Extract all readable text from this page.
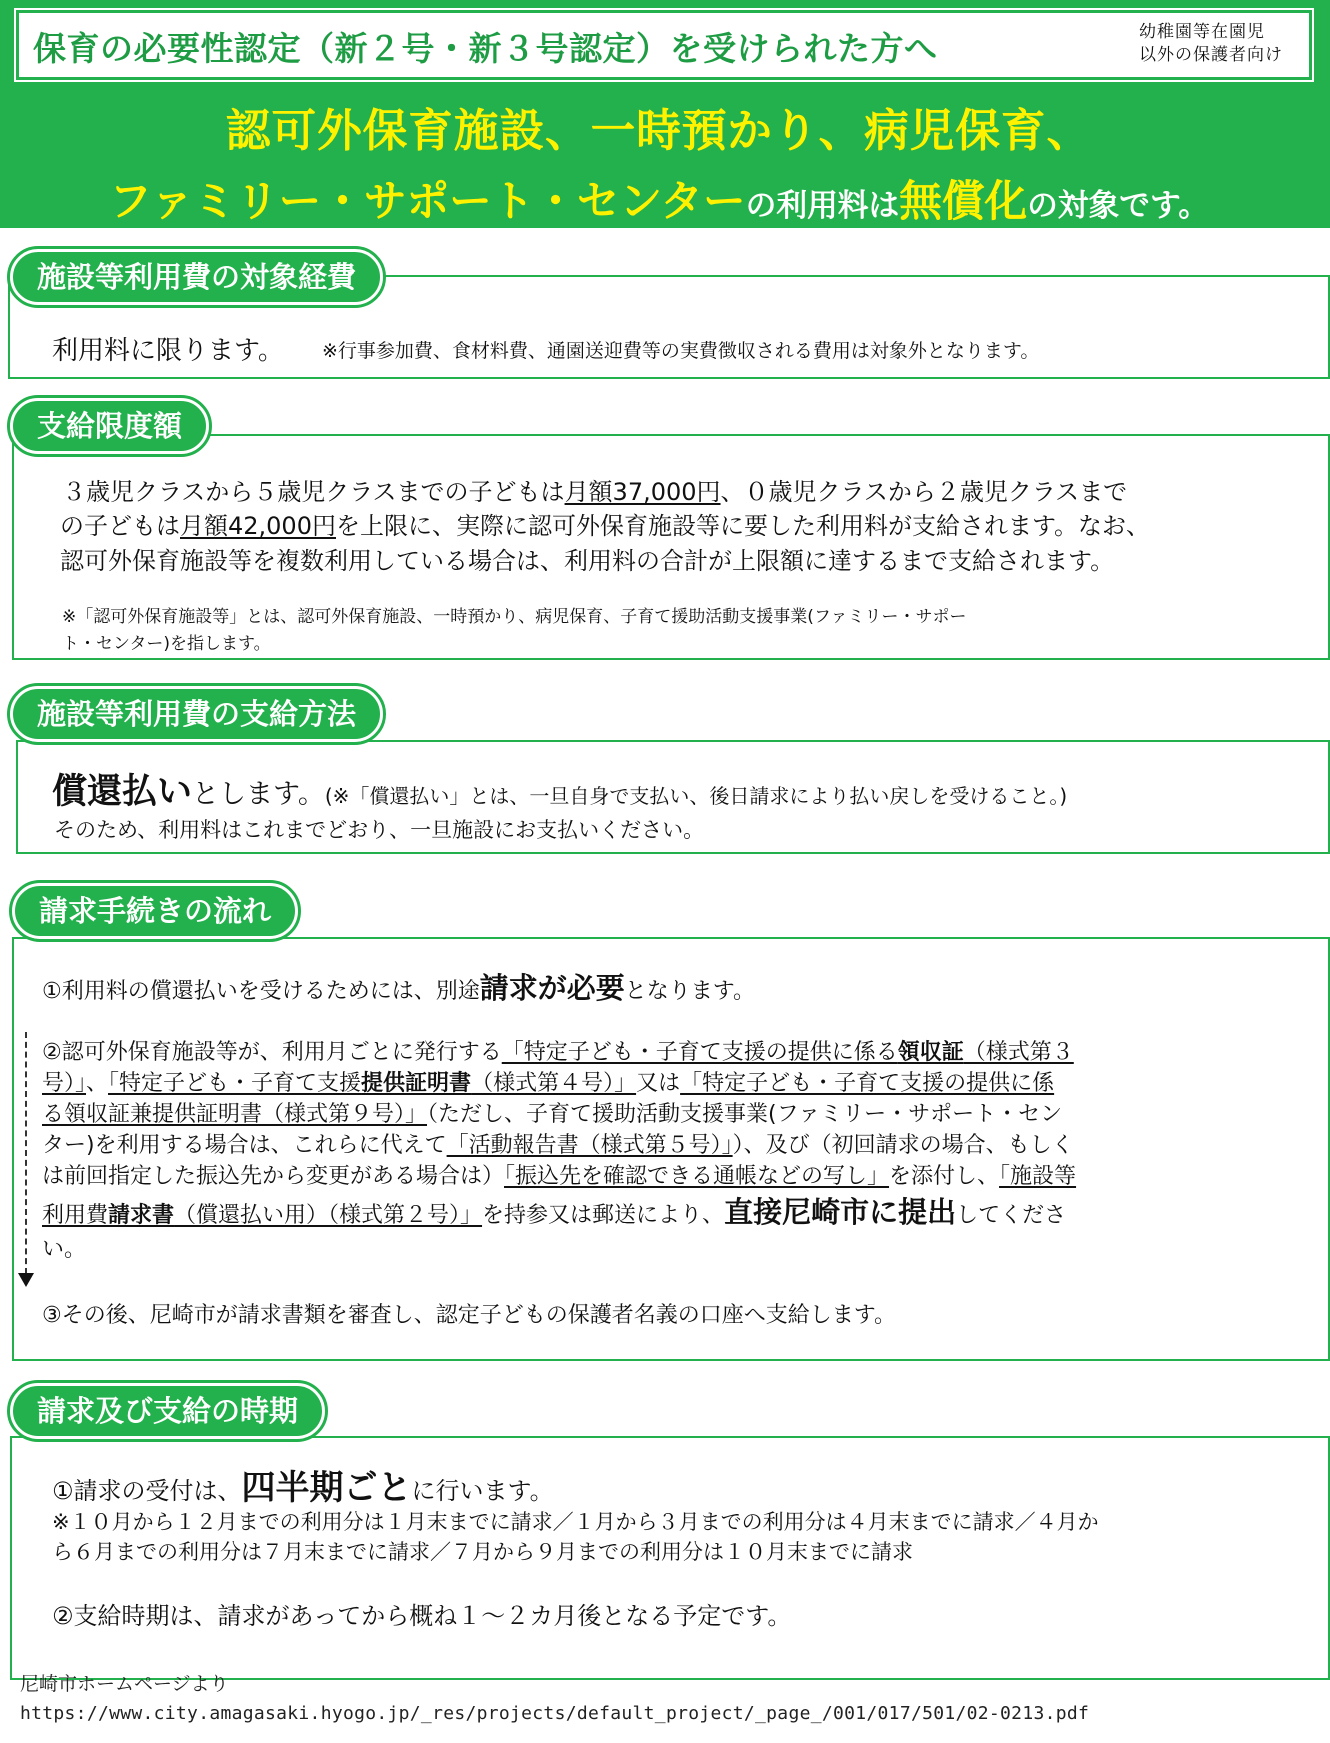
保育の必要性認定（新２号・新３号認定）を受けられた方へ	幼稚園等在園児
以外の保護者向け
認可外保育施設、一時預かり、病児保育、
ファミリー・サポート・センターの利用料は無償化の対象です。
施設等利用費の対象経費
利用料に限ります。 ※行事参加費、食材料費、通園送迎費等の実費徴収される費用は対象外となります。
支給限度額
３歳児クラスから５歳児クラスまでの子どもは月額37,000円、０歳児クラスから２歳児クラスまで
の子どもは月額42,000円を上限に、実際に認可外保育施設等に要した利用料が支給されます。なお、
認可外保育施設等を複数利用している場合は、利用料の合計が上限額に達するまで支給されます。
※「認可外保育施設等」とは、認可外保育施設、一時預かり、病児保育、子育て援助活動支援事業(ファミリー・サポー
ト・センター)を指します。
施設等利用費の支給方法
償還払いとします。(※「償還払い」とは、一旦自身で支払い、後日請求により払い戻しを受けること。)
そのため、利用料はこれまでどおり、一旦施設にお支払いください。
請求手続きの流れ
①利用料の償還払いを受けるためには、別途請求が必要となります。
②認可外保育施設等が、利用月ごとに発行する「特定子ども・子育て支援の提供に係る領収証（様式第３
号）」、「特定子ども・子育て支援提供証明書（様式第４号）」又は「特定子ども・子育て支援の提供に係
る領収証兼提供証明書（様式第９号）」（ただし、子育て援助活動支援事業(ファミリー・サポート・セン
ター)を利用する場合は、これらに代えて「活動報告書（様式第５号）」）、及び（初回請求の場合、もしく
は前回指定した振込先から変更がある場合は）「振込先を確認できる通帳などの写し」を添付し、「施設等
利用費請求書（償還払い用）（様式第２号）」を持参又は郵送により、直接尼崎市に提出してくださ
い。
③その後、尼崎市が請求書類を審査し、認定子どもの保護者名義の口座へ支給します。
請求及び支給の時期
①請求の受付は、四半期ごとに行います。
※１０月から１２月までの利用分は１月末までに請求／１月から３月までの利用分は４月末までに請求／４月か
ら６月までの利用分は７月末までに請求／７月から９月までの利用分は１０月末までに請求
②支給時期は、請求があってから概ね１～２カ月後となる予定です。
尼崎市ホームページより
https://www.city.amagasaki.hyogo.jp/_res/projects/default_project/_page_/001/017/501/02-0213.pdf
